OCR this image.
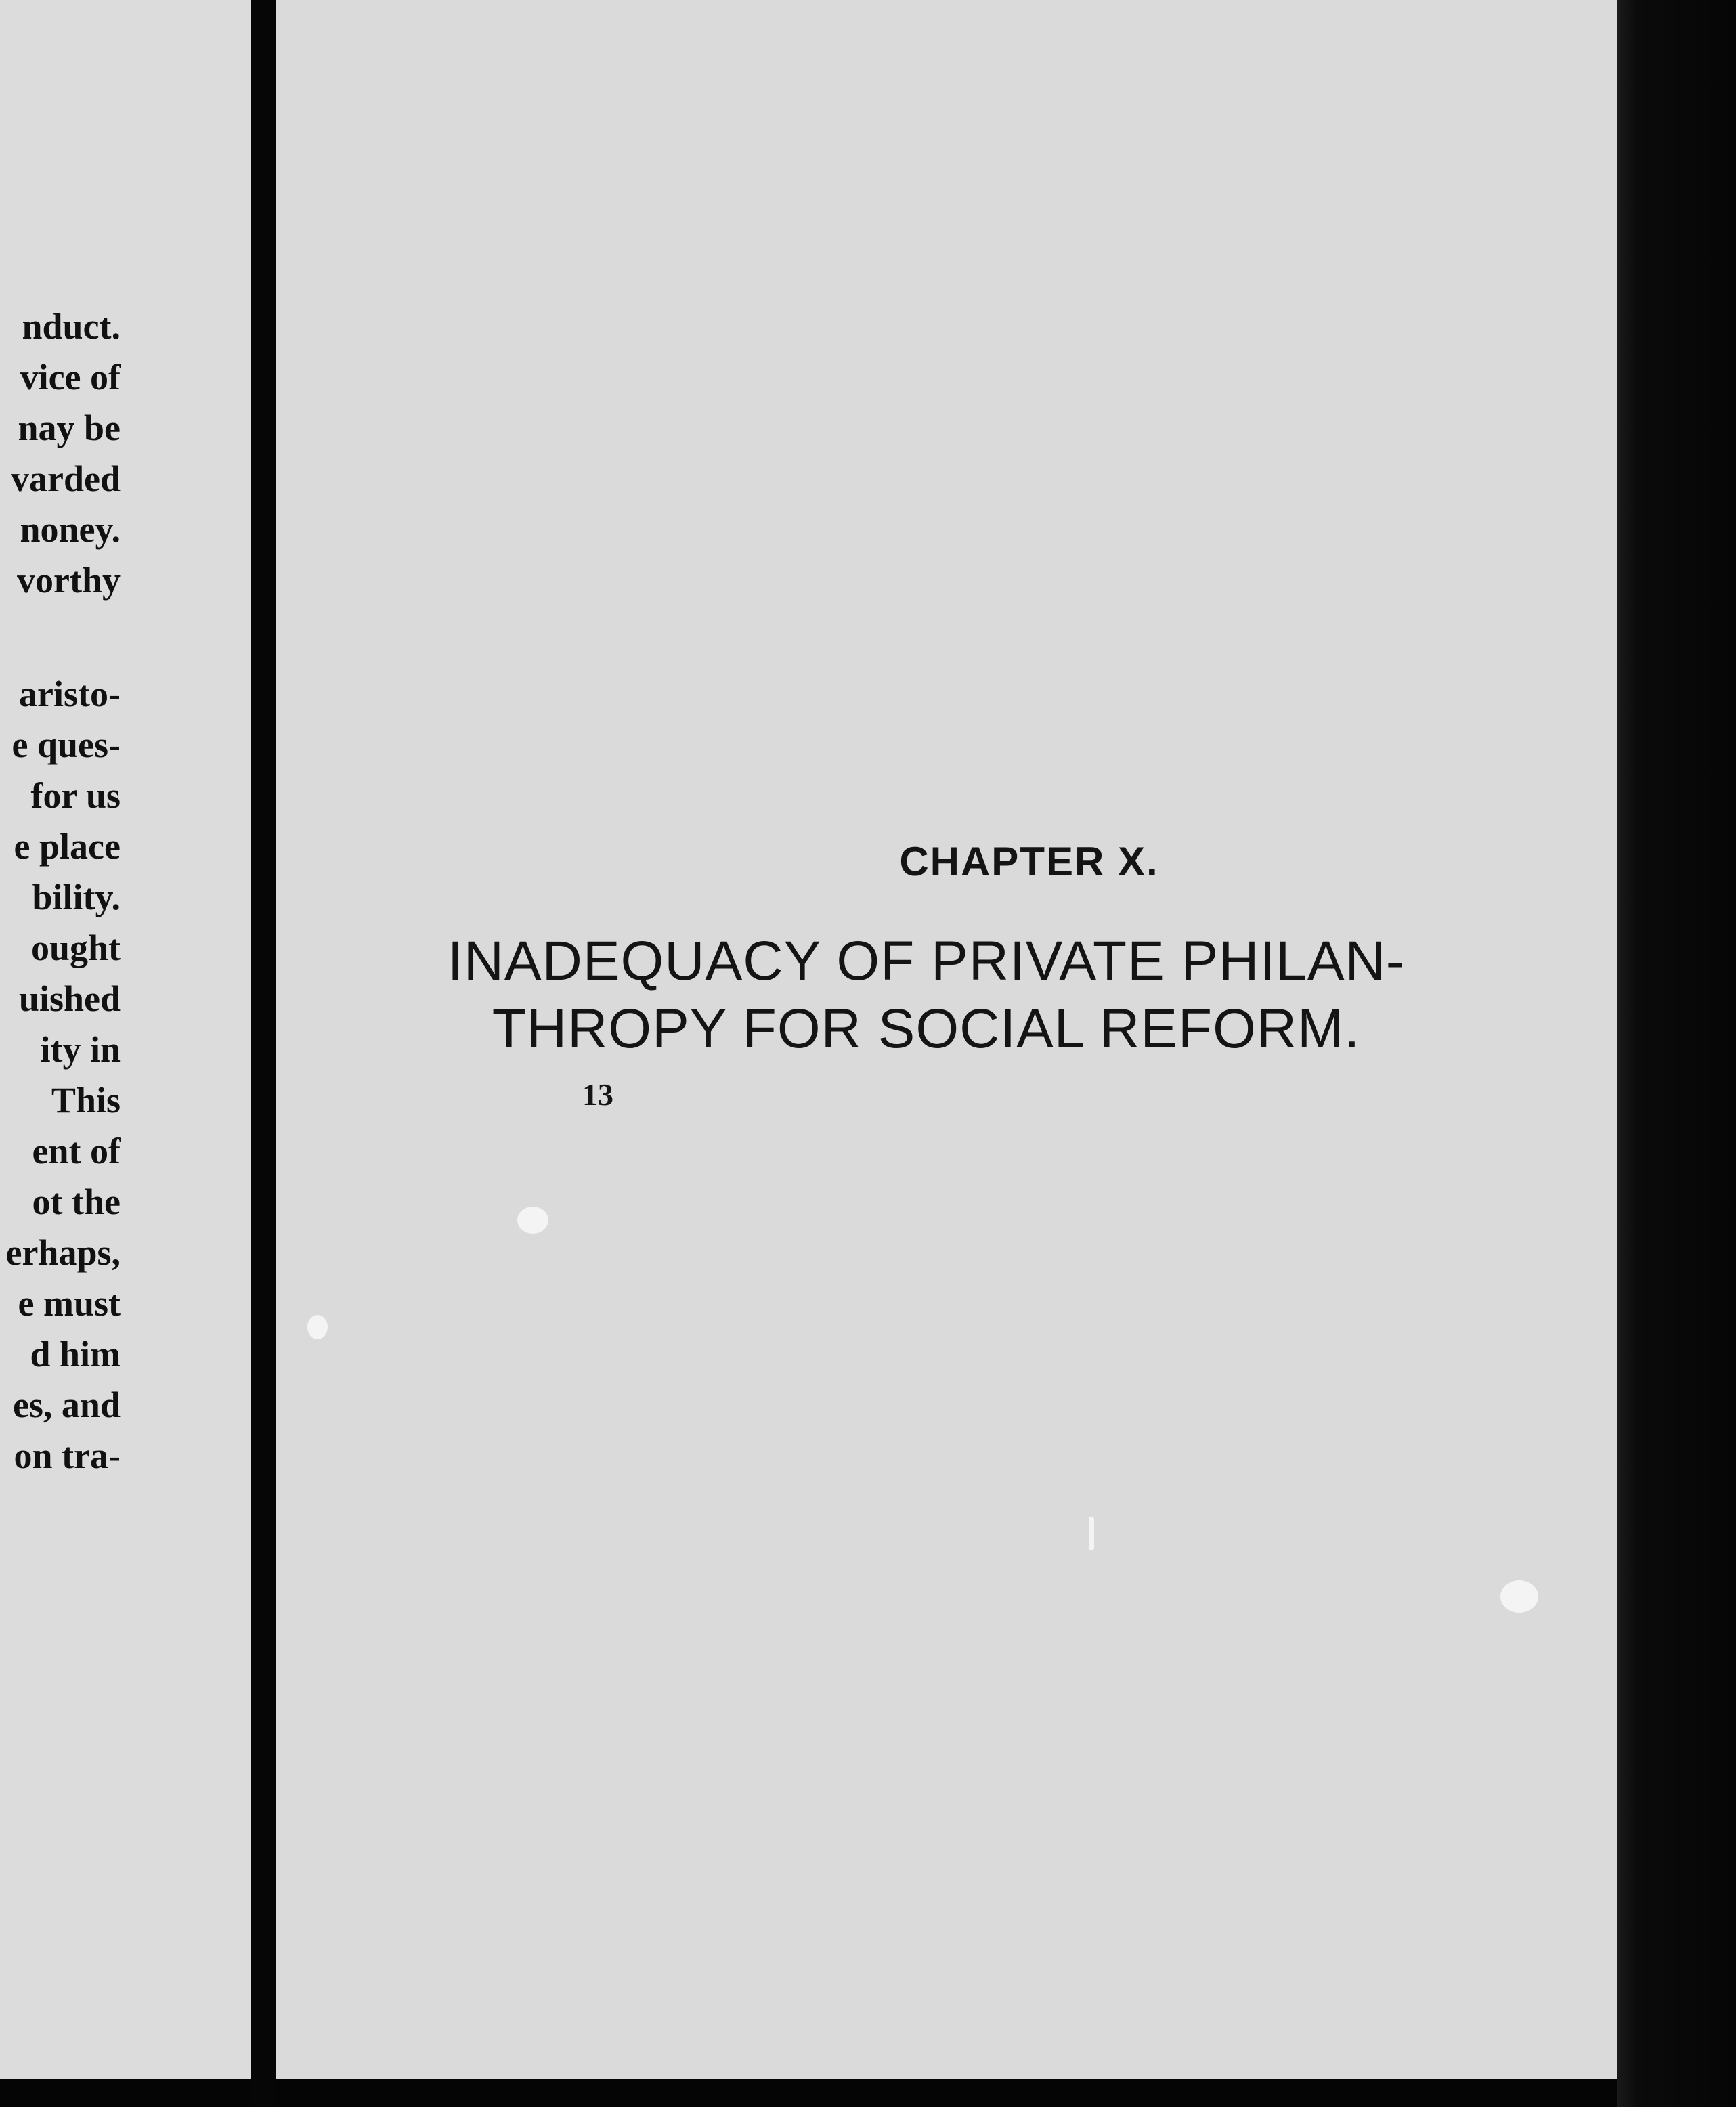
nduct.
vice of
nay be
varded
noney.
vorthy
aristo-
e ques-
for us
e place
bility.
ought
uished
ity in
This
ent of
ot the
erhaps,
e must
d him
es, and
on tra-
CHAPTER X.
INADEQUACY OF PRIVATE PHILAN-
THROPY FOR SOCIAL REFORM.
13
